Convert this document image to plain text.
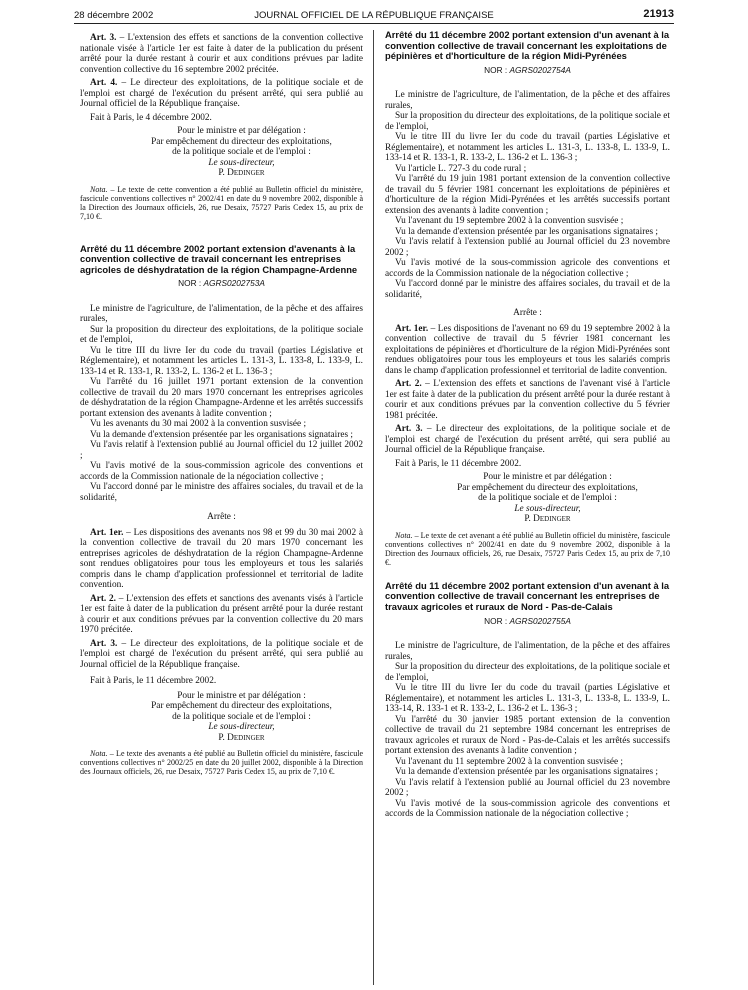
28 décembre 2002	JOURNAL OFFICIEL DE LA RÉPUBLIQUE FRANÇAISE	21913

Art. 3. – L'extension des effets et sanctions de la convention collective nationale visée à l'article 1er est faite à dater de la publication du présent arrêté pour la durée restant à courir et aux conditions prévues par ladite convention collective du 16 septembre 2002 précitée.

Art. 4. – Le directeur des exploitations, de la politique sociale et de l'emploi est chargé de l'exécution du présent arrêté, qui sera publié au Journal officiel de la République française.

Fait à Paris, le 4 décembre 2002.

Pour le ministre et par délégation :

Par empêchement du directeur des exploitations,

de la politique sociale et de l'emploi :

Le sous-directeur,

P. Dedinger

Nota. – Le texte de cette convention a été publié au Bulletin officiel du ministère, fascicule conventions collectives n° 2002/41 en date du 9 novembre 2002, disponible à la Direction des Journaux officiels, 26, rue Desaix, 75727 Paris Cedex 15, au prix de 7,10 €.

Arrêté du 11 décembre 2002 portant extension d'avenants à la convention collective de travail concernant les entreprises agricoles de déshydratation de la région Champagne-Ardenne

NOR : AGRS0202753A

Le ministre de l'agriculture, de l'alimentation, de la pêche et des affaires rurales,

Sur la proposition du directeur des exploitations, de la politique sociale et de l'emploi,

Vu le titre III du livre Ier du code du travail (parties Législative et Réglementaire), et notamment les articles L. 131-3, L. 133-8, L. 133-9, L. 133-14 et R. 133-1, R. 133-2, L. 136-2 et L. 136-3 ;

Vu l'arrêté du 16 juillet 1971 portant extension de la convention collective de travail du 20 mars 1970 concernant les entreprises agricoles de déshydratation de la région Champagne-Ardenne et les arrêtés successifs portant extension des avenants à ladite convention ;

Vu les avenants du 30 mai 2002 à la convention susvisée ;

Vu la demande d'extension présentée par les organisations signataires ;

Vu l'avis relatif à l'extension publié au Journal officiel du 12 juillet 2002 ;

Vu l'avis motivé de la sous-commission agricole des conventions et accords de la Commission nationale de la négociation collective ;

Vu l'accord donné par le ministre des affaires sociales, du travail et de la solidarité,

Arrête :

Art. 1er. – Les dispositions des avenants nos 98 et 99 du 30 mai 2002 à la convention collective de travail du 20 mars 1970 concernant les entreprises agricoles de déshydratation de la région Champagne-Ardenne sont rendues obligatoires pour tous les employeurs et tous les salariés compris dans le champ d'application professionnel et territorial de ladite convention.

Art. 2. – L'extension des effets et sanctions des avenants visés à l'article 1er est faite à dater de la publication du présent arrêté pour la durée restant à courir et aux conditions prévues par la convention collective du 20 mars 1970 précitée.

Art. 3. – Le directeur des exploitations, de la politique sociale et de l'emploi est chargé de l'exécution du présent arrêté, qui sera publié au Journal officiel de la République française.

Fait à Paris, le 11 décembre 2002.

Pour le ministre et par délégation :

Par empêchement du directeur des exploitations,

de la politique sociale et de l'emploi :

Le sous-directeur,

P. Dedinger

Nota. – Le texte des avenants a été publié au Bulletin officiel du ministère, fascicule conventions collectives n° 2002/25 en date du 20 juillet 2002, disponible à la Direction des Journaux officiels, 26, rue Desaix, 75727 Paris Cedex 15, au prix de 7,10 €.

Arrêté du 11 décembre 2002 portant extension d'un avenant à la convention collective de travail concernant les exploitations de pépinières et d'horticulture de la région Midi-Pyrénées

NOR : AGRS0202754A

Le ministre de l'agriculture, de l'alimentation, de la pêche et des affaires rurales,

Sur la proposition du directeur des exploitations, de la politique sociale et de l'emploi,

Vu le titre III du livre Ier du code du travail (parties Législative et Réglementaire), et notamment les articles L. 131-3, L. 133-8, L. 133-9, L. 133-14 et R. 133-1, R. 133-2, L. 136-2 et L. 136-3 ;

Vu l'article L. 727-3 du code rural ;

Vu l'arrêté du 19 juin 1981 portant extension de la convention collective de travail du 5 février 1981 concernant les exploitations de pépinières et d'horticulture de la région Midi-Pyrénées et les arrêtés successifs portant extension des avenants à ladite convention ;

Vu l'avenant du 19 septembre 2002 à la convention susvisée ;

Vu la demande d'extension présentée par les organisations signataires ;

Vu l'avis relatif à l'extension publié au Journal officiel du 23 novembre 2002 ;

Vu l'avis motivé de la sous-commission agricole des conventions et accords de la Commission nationale de la négociation collective ;

Vu l'accord donné par le ministre des affaires sociales, du travail et de la solidarité,

Arrête :

Art. 1er. – Les dispositions de l'avenant no 69 du 19 septembre 2002 à la convention collective de travail du 5 février 1981 concernant les exploitations de pépinières et d'horticulture de la région Midi-Pyrénées sont rendues obligatoires pour tous les employeurs et tous les salariés compris dans le champ d'application professionnel et territorial de ladite convention.

Art. 2. – L'extension des effets et sanctions de l'avenant visé à l'article 1er est faite à dater de la publication du présent arrêté pour la durée restant à courir et aux conditions prévues par la convention collective du 5 février 1981 précitée.

Art. 3. – Le directeur des exploitations, de la politique sociale et de l'emploi est chargé de l'exécution du présent arrêté, qui sera publié au Journal officiel de la République française.

Fait à Paris, le 11 décembre 2002.

Pour le ministre et par délégation :

Par empêchement du directeur des exploitations,

de la politique sociale et de l'emploi :

Le sous-directeur,

P. Dedinger

Nota. – Le texte de cet avenant a été publié au Bulletin officiel du ministère, fascicule conventions collectives n° 2002/41 en date du 9 novembre 2002, disponible à la Direction des Journaux officiels, 26, rue Desaix, 75727 Paris Cedex 15, au prix de 7,10 €.

Arrêté du 11 décembre 2002 portant extension d'un avenant à la convention collective de travail concernant les entreprises de travaux agricoles et ruraux de Nord - Pas-de-Calais

NOR : AGRS0202755A

Le ministre de l'agriculture, de l'alimentation, de la pêche et des affaires rurales,

Sur la proposition du directeur des exploitations, de la politique sociale et de l'emploi,

Vu le titre III du livre Ier du code du travail (parties Législative et Réglementaire), et notamment les articles L. 131-3, L. 133-8, L. 133-9, L. 133-14, R. 133-1 et R. 133-2, L. 136-2 et L. 136-3 ;

Vu l'arrêté du 30 janvier 1985 portant extension de la convention collective de travail du 21 septembre 1984 concernant les entreprises de travaux agricoles et ruraux de Nord - Pas-de-Calais et les arrêtés successifs portant extension des avenants à ladite convention ;

Vu l'avenant du 11 septembre 2002 à la convention susvisée ;

Vu la demande d'extension présentée par les organisations signataires ;

Vu l'avis relatif à l'extension publié au Journal officiel du 23 novembre 2002 ;

Vu l'avis motivé de la sous-commission agricole des conventions et accords de la Commission nationale de la négociation collective ;
